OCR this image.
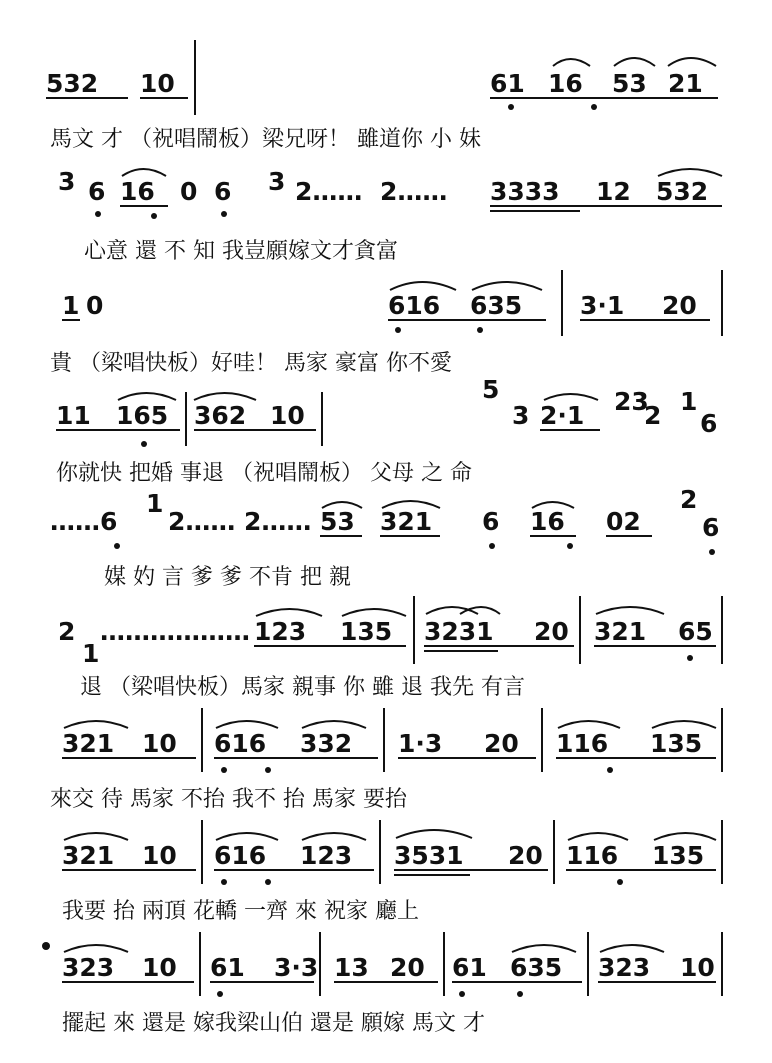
532 10	61 16 53 21
馬文 才 （祝唱鬧板）梁兄呀！ 雖道你 小 妹
3 6 16 0 6 3 2…… 2…… 3333 12 532
心意 還 不 知 我豈願嫁文才貪富
1 0	616 635 3·1 20
貴 （梁唱快板）好哇！ 馬家 豪富 你不愛
11 165 362 10
5
3 2·1 23
2 1
6
你就快 把婚 事退 （祝唱鬧板） 父母 之 命
……6
1
2…… 2…… 53 321 6 16 02
2
6
媒 妁 言 爹 爹 不肯 把 親
2
1
……………… 123 135 3231 20 321 65
退 （梁唱快板）馬家 親事 你 雖 退 我先 有言
321 10 616 332 1·3 20 116 135
來交 待 馬家 不抬 我不 抬 馬家 要抬
321 10 616 123 3531 20 116 135
我要 抬 兩頂 花轎 一齊 來 祝家 廳上
323 10 61 3·3 13 20 61 635 323 10
擺起 來 還是 嫁我梁山伯 還是 願嫁 馬文 才
